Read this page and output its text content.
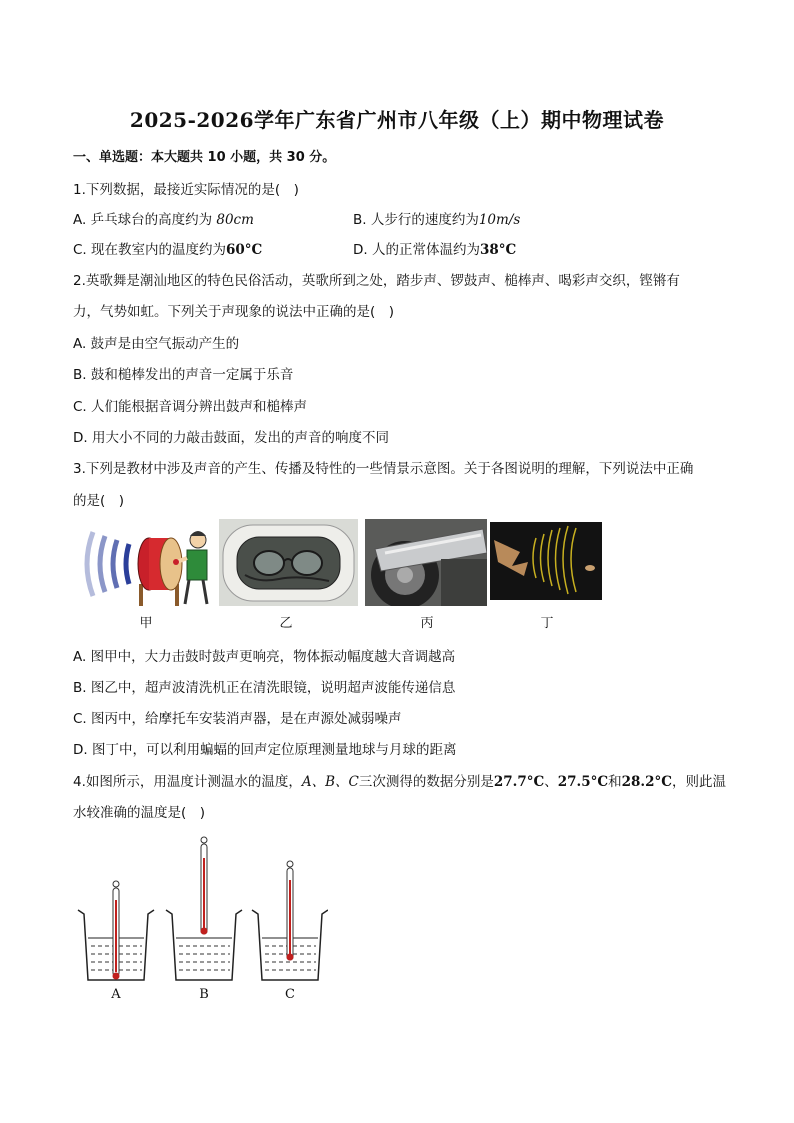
2025-2026学年广东省广州市八年级（上）期中物理试卷
一、单选题：本大题共 10 小题，共 30 分。
1.下列数据，最接近实际情况的是(　)
A. 乒乓球台的高度约为 80cm	B. 人步行的速度约为10m/s
C. 现在教室内的温度约为60°C	D. 人的正常体温约为38°C
2.英歌舞是潮汕地区的特色民俗活动，英歌所到之处，踏步声、锣鼓声、槌棒声、喝彩声交织，铿锵有
力，气势如虹。下列关于声现象的说法中正确的是(　)
A. 鼓声是由空气振动产生的
B. 鼓和槌棒发出的声音一定属于乐音
C. 人们能根据音调分辨出鼓声和槌棒声
D. 用大小不同的力敲击鼓面，发出的声音的响度不同
3.下列是教材中涉及声音的产生、传播及特性的一些情景示意图。关于各图说明的理解，下列说法中正确
的是(　)
甲	乙	丙	丁
A. 图甲中，大力击鼓时鼓声更响亮，物体振动幅度越大音调越高
B. 图乙中，超声波清洗机正在清洗眼镜，说明超声波能传递信息
C. 图丙中，给摩托车安装消声器，是在声源处减弱噪声
D. 图丁中，可以利用蝙蝠的回声定位原理测量地球与月球的距离
4.如图所示，用温度计测温水的温度，A、B、C三次测得的数据分别是27.7°C、27.5°C和28.2°C，则此温
水较准确的温度是(　)
A	B	C
